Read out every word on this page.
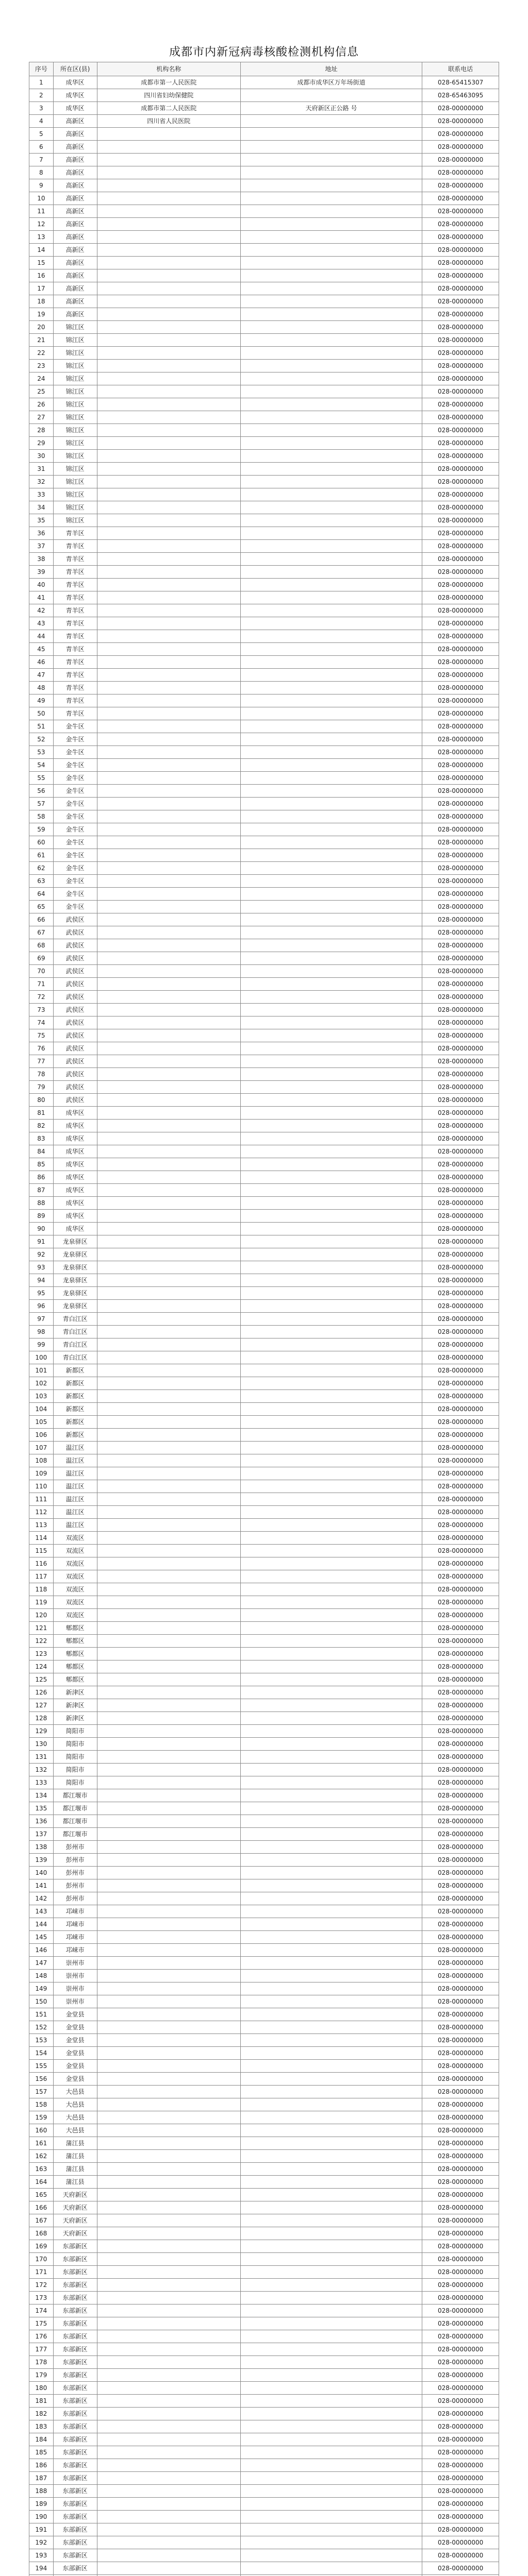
成都市内新冠病毒核酸检测机构信息
序号	所在区(县)	机构名称	地址	联系电话
1	成华区	成都市第一人民医院	成都市成华区万年场街道	028-65415307
2	成华区	四川省妇幼保健院		028-65463095
3	成华区	成都市第二人民医院	天府新区正公路 号	028-00000000
4	高新区	四川省人民医院		028-00000000
5	高新区			028-00000000
6	高新区			028-00000000
7	高新区			028-00000000
8	高新区			028-00000000
9	高新区			028-00000000
10	高新区			028-00000000
11	高新区			028-00000000
12	高新区			028-00000000
13	高新区			028-00000000
14	高新区			028-00000000
15	高新区			028-00000000
16	高新区			028-00000000
17	高新区			028-00000000
18	高新区			028-00000000
19	高新区			028-00000000
20	锦江区			028-00000000
21	锦江区			028-00000000
22	锦江区			028-00000000
23	锦江区			028-00000000
24	锦江区			028-00000000
25	锦江区			028-00000000
26	锦江区			028-00000000
27	锦江区			028-00000000
28	锦江区			028-00000000
29	锦江区			028-00000000
30	锦江区			028-00000000
31	锦江区			028-00000000
32	锦江区			028-00000000
33	锦江区			028-00000000
34	锦江区			028-00000000
35	锦江区			028-00000000
36	青羊区			028-00000000
37	青羊区			028-00000000
38	青羊区			028-00000000
39	青羊区			028-00000000
40	青羊区			028-00000000
41	青羊区			028-00000000
42	青羊区			028-00000000
43	青羊区			028-00000000
44	青羊区			028-00000000
45	青羊区			028-00000000
46	青羊区			028-00000000
47	青羊区			028-00000000
48	青羊区			028-00000000
49	青羊区			028-00000000
50	青羊区			028-00000000
51	金牛区			028-00000000
52	金牛区			028-00000000
53	金牛区			028-00000000
54	金牛区			028-00000000
55	金牛区			028-00000000
56	金牛区			028-00000000
57	金牛区			028-00000000
58	金牛区			028-00000000
59	金牛区			028-00000000
60	金牛区			028-00000000
61	金牛区			028-00000000
62	金牛区			028-00000000
63	金牛区			028-00000000
64	金牛区			028-00000000
65	金牛区			028-00000000
66	武侯区			028-00000000
67	武侯区			028-00000000
68	武侯区			028-00000000
69	武侯区			028-00000000
70	武侯区			028-00000000
71	武侯区			028-00000000
72	武侯区			028-00000000
73	武侯区			028-00000000
74	武侯区			028-00000000
75	武侯区			028-00000000
76	武侯区			028-00000000
77	武侯区			028-00000000
78	武侯区			028-00000000
79	武侯区			028-00000000
80	武侯区			028-00000000
81	成华区			028-00000000
82	成华区			028-00000000
83	成华区			028-00000000
84	成华区			028-00000000
85	成华区			028-00000000
86	成华区			028-00000000
87	成华区			028-00000000
88	成华区			028-00000000
89	成华区			028-00000000
90	成华区			028-00000000
91	龙泉驿区			028-00000000
92	龙泉驿区			028-00000000
93	龙泉驿区			028-00000000
94	龙泉驿区			028-00000000
95	龙泉驿区			028-00000000
96	龙泉驿区			028-00000000
97	青白江区			028-00000000
98	青白江区			028-00000000
99	青白江区			028-00000000
100	青白江区			028-00000000
101	新都区			028-00000000
102	新都区			028-00000000
103	新都区			028-00000000
104	新都区			028-00000000
105	新都区			028-00000000
106	新都区			028-00000000
107	温江区			028-00000000
108	温江区			028-00000000
109	温江区			028-00000000
110	温江区			028-00000000
111	温江区			028-00000000
112	温江区			028-00000000
113	温江区			028-00000000
114	双流区			028-00000000
115	双流区			028-00000000
116	双流区			028-00000000
117	双流区			028-00000000
118	双流区			028-00000000
119	双流区			028-00000000
120	双流区			028-00000000
121	郫都区			028-00000000
122	郫都区			028-00000000
123	郫都区			028-00000000
124	郫都区			028-00000000
125	郫都区			028-00000000
126	新津区			028-00000000
127	新津区			028-00000000
128	新津区			028-00000000
129	简阳市			028-00000000
130	简阳市			028-00000000
131	简阳市			028-00000000
132	简阳市			028-00000000
133	简阳市			028-00000000
134	都江堰市			028-00000000
135	都江堰市			028-00000000
136	都江堰市			028-00000000
137	都江堰市			028-00000000
138	彭州市			028-00000000
139	彭州市			028-00000000
140	彭州市			028-00000000
141	彭州市			028-00000000
142	彭州市			028-00000000
143	邛崃市			028-00000000
144	邛崃市			028-00000000
145	邛崃市			028-00000000
146	邛崃市			028-00000000
147	崇州市			028-00000000
148	崇州市			028-00000000
149	崇州市			028-00000000
150	崇州市			028-00000000
151	金堂县			028-00000000
152	金堂县			028-00000000
153	金堂县			028-00000000
154	金堂县			028-00000000
155	金堂县			028-00000000
156	金堂县			028-00000000
157	大邑县			028-00000000
158	大邑县			028-00000000
159	大邑县			028-00000000
160	大邑县			028-00000000
161	蒲江县			028-00000000
162	蒲江县			028-00000000
163	蒲江县			028-00000000
164	蒲江县			028-00000000
165	天府新区			028-00000000
166	天府新区			028-00000000
167	天府新区			028-00000000
168	天府新区			028-00000000
169	东部新区			028-00000000
170	东部新区			028-00000000
171	东部新区			028-00000000
172	东部新区			028-00000000
173	东部新区			028-00000000
174	东部新区			028-00000000
175	东部新区			028-00000000
176	东部新区			028-00000000
177	东部新区			028-00000000
178	东部新区			028-00000000
179	东部新区			028-00000000
180	东部新区			028-00000000
181	东部新区			028-00000000
182	东部新区			028-00000000
183	东部新区			028-00000000
184	东部新区			028-00000000
185	东部新区			028-00000000
186	东部新区			028-00000000
187	东部新区			028-00000000
188	东部新区			028-00000000
189	东部新区			028-00000000
190	东部新区			028-00000000
191	东部新区			028-00000000
192	东部新区			028-00000000
193	东部新区			028-00000000
194	东部新区			028-00000000
